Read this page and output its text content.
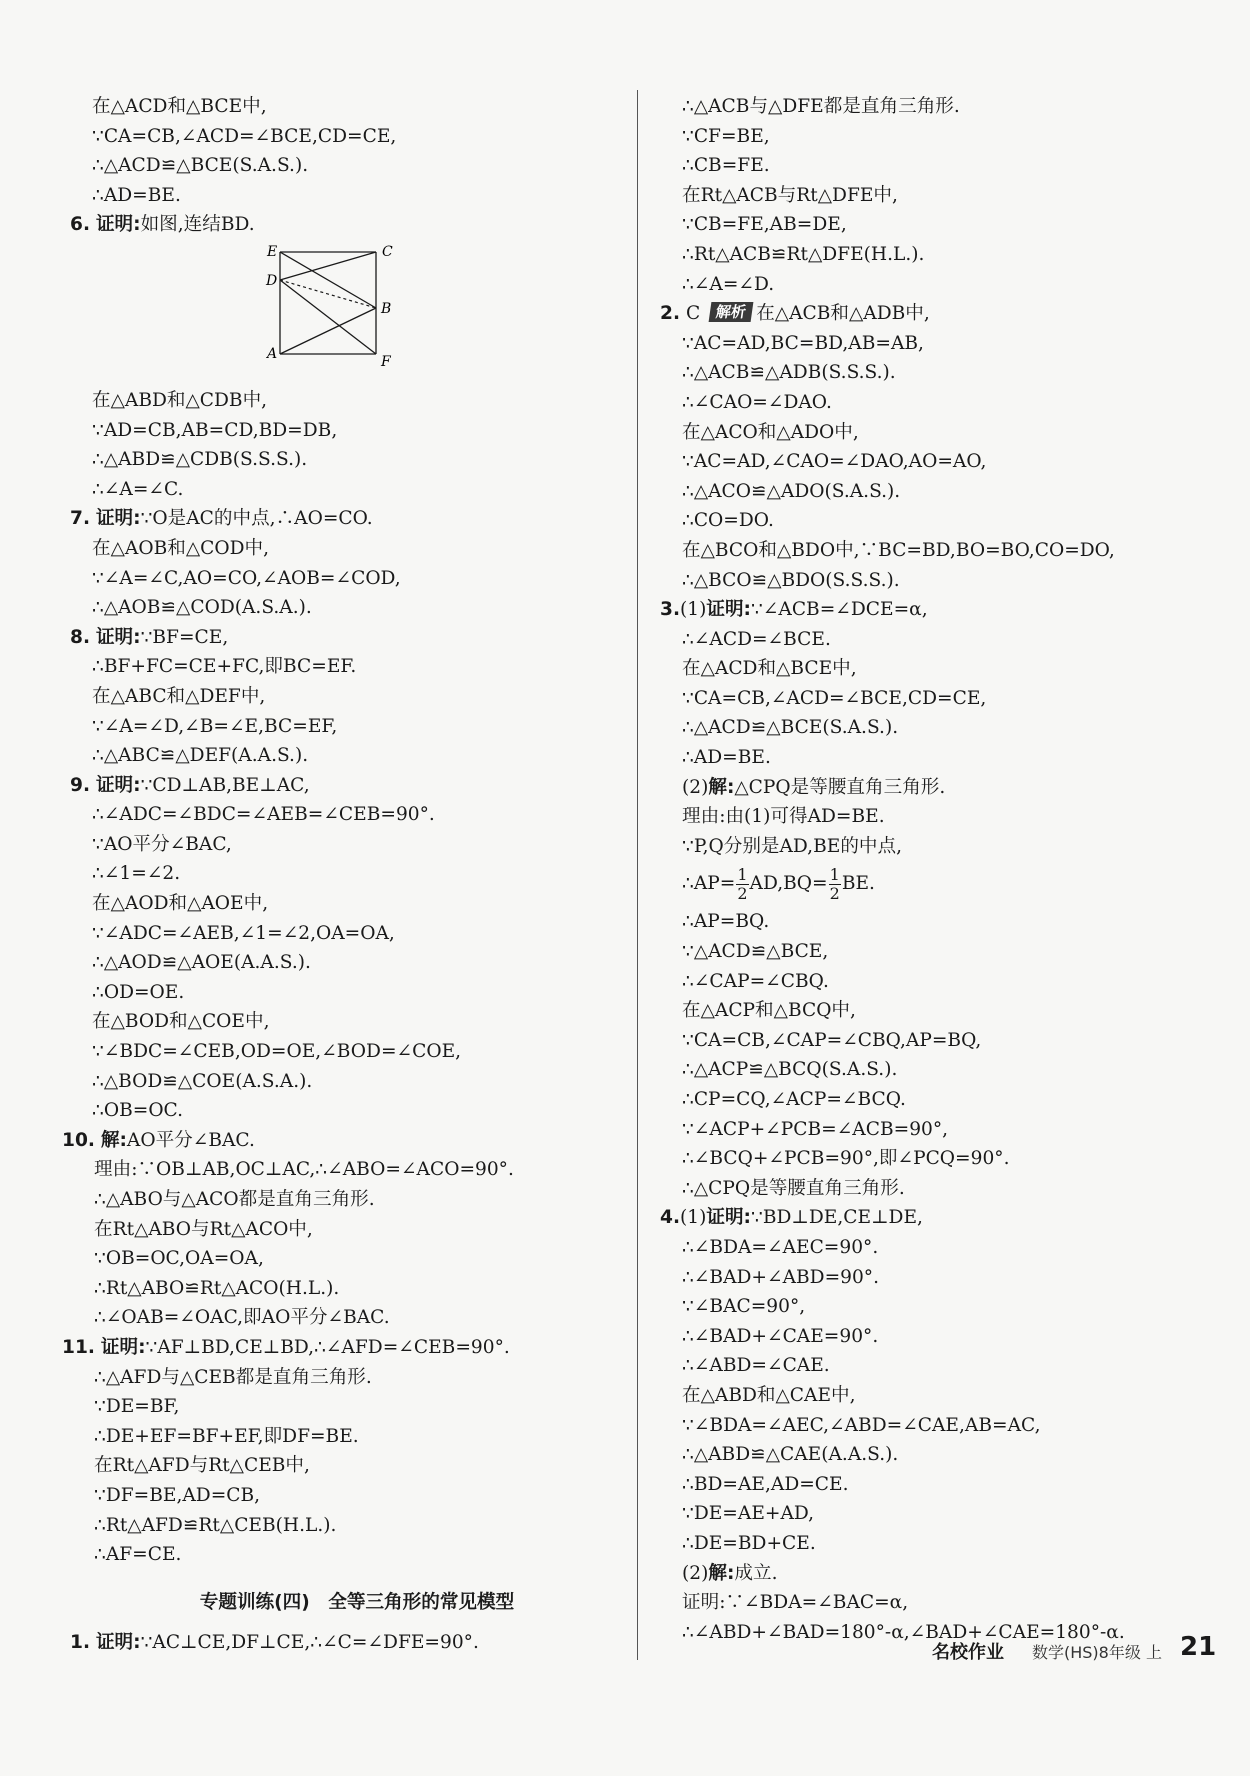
在△ACD和△BCE中,
∵CA=CB,∠ACD=∠BCE,CD=CE,
∴△ACD≌△BCE(S.A.S.).
∴AD=BE.
6. 证明:如图,连结BD.
E	C
D
B
A	F
在△ABD和△CDB中,
∵AD=CB,AB=CD,BD=DB,
∴△ABD≌△CDB(S.S.S.).
∴∠A=∠C.
7. 证明:∵O是AC的中点,∴AO=CO.
在△AOB和△COD中,
∵∠A=∠C,AO=CO,∠AOB=∠COD,
∴△AOB≌△COD(A.S.A.).
8. 证明:∵BF=CE,
∴BF+FC=CE+FC,即BC=EF.
在△ABC和△DEF中,
∵∠A=∠D,∠B=∠E,BC=EF,
∴△ABC≌△DEF(A.A.S.).
9. 证明:∵CD⊥AB,BE⊥AC,
∴∠ADC=∠BDC=∠AEB=∠CEB=90°.
∵AO平分∠BAC,
∴∠1=∠2.
在△AOD和△AOE中,
∵∠ADC=∠AEB,∠1=∠2,OA=OA,
∴△AOD≌△AOE(A.A.S.).
∴OD=OE.
在△BOD和△COE中,
∵∠BDC=∠CEB,OD=OE,∠BOD=∠COE,
∴△BOD≌△COE(A.S.A.).
∴OB=OC.
10. 解:AO平分∠BAC.
理由:∵OB⊥AB,OC⊥AC,∴∠ABO=∠ACO=90°.
∴△ABO与△ACO都是直角三角形.
在Rt△ABO与Rt△ACO中,
∵OB=OC,OA=OA,
∴Rt△ABO≌Rt△ACO(H.L.).
∴∠OAB=∠OAC,即AO平分∠BAC.
11. 证明:∵AF⊥BD,CE⊥BD,∴∠AFD=∠CEB=90°.
∴△AFD与△CEB都是直角三角形.
∵DE=BF,
∴DE+EF=BF+EF,即DF=BE.
在Rt△AFD与Rt△CEB中,
∵DF=BE,AD=CB,
∴Rt△AFD≌Rt△CEB(H.L.).
∴AF=CE.
专题训练(四) 全等三角形的常见模型
1. 证明:∵AC⊥CE,DF⊥CE,∴∠C=∠DFE=90°.
∴△ACB与△DFE都是直角三角形.
∵CF=BE,
∴CB=FE.
在Rt△ACB与Rt△DFE中,
∵CB=FE,AB=DE,
∴Rt△ACB≌Rt△DFE(H.L.).
∴∠A=∠D.
2. C 解析 在△ACB和△ADB中,
∵AC=AD,BC=BD,AB=AB,
∴△ACB≌△ADB(S.S.S.).
∴∠CAO=∠DAO.
在△ACO和△ADO中,
∵AC=AD,∠CAO=∠DAO,AO=AO,
∴△ACO≌△ADO(S.A.S.).
∴CO=DO.
在△BCO和△BDO中,∵BC=BD,BO=BO,CO=DO,
∴△BCO≌△BDO(S.S.S.).
3.(1)证明:∵∠ACB=∠DCE=α,
∴∠ACD=∠BCE.
在△ACD和△BCE中,
∵CA=CB,∠ACD=∠BCE,CD=CE,
∴△ACD≌△BCE(S.A.S.).
∴AD=BE.
(2)解:△CPQ是等腰直角三角形.
理由:由(1)可得AD=BE.
∵P,Q分别是AD,BE的中点,
∴AP= $\frac{1}{2} AD,BQ= \frac{1}{2}$ BE.
∴AP=BQ.
∵△ACD≌△BCE,
∴∠CAP=∠CBQ.
在△ACP和△BCQ中,
∵CA=CB,∠CAP=∠CBQ,AP=BQ,
∴△ACP≌△BCQ(S.A.S.).
∴CP=CQ,∠ACP=∠BCQ.
∵∠ACP+∠PCB=∠ACB=90°,
∴∠BCQ+∠PCB=90°,即∠PCQ=90°.
∴△CPQ是等腰直角三角形.
4.(1)证明:∵BD⊥DE,CE⊥DE,
∴∠BDA=∠AEC=90°.
∴∠BAD+∠ABD=90°.
∵∠BAC=90°,
∴∠BAD+∠CAE=90°.
∴∠ABD=∠CAE.
在△ABD和△CAE中,
∵∠BDA=∠AEC,∠ABD=∠CAE,AB=AC,
∴△ABD≌△CAE(A.A.S.).
∴BD=AE,AD=CE.
∵DE=AE+AD,
∴DE=BD+CE.
(2)解:成立.
证明:∵∠BDA=∠BAC=α,
∴∠ABD+∠BAD=180°-α,∠BAD+∠CAE=180°-α.
名校作业 数学(HS)8年级 上 21
